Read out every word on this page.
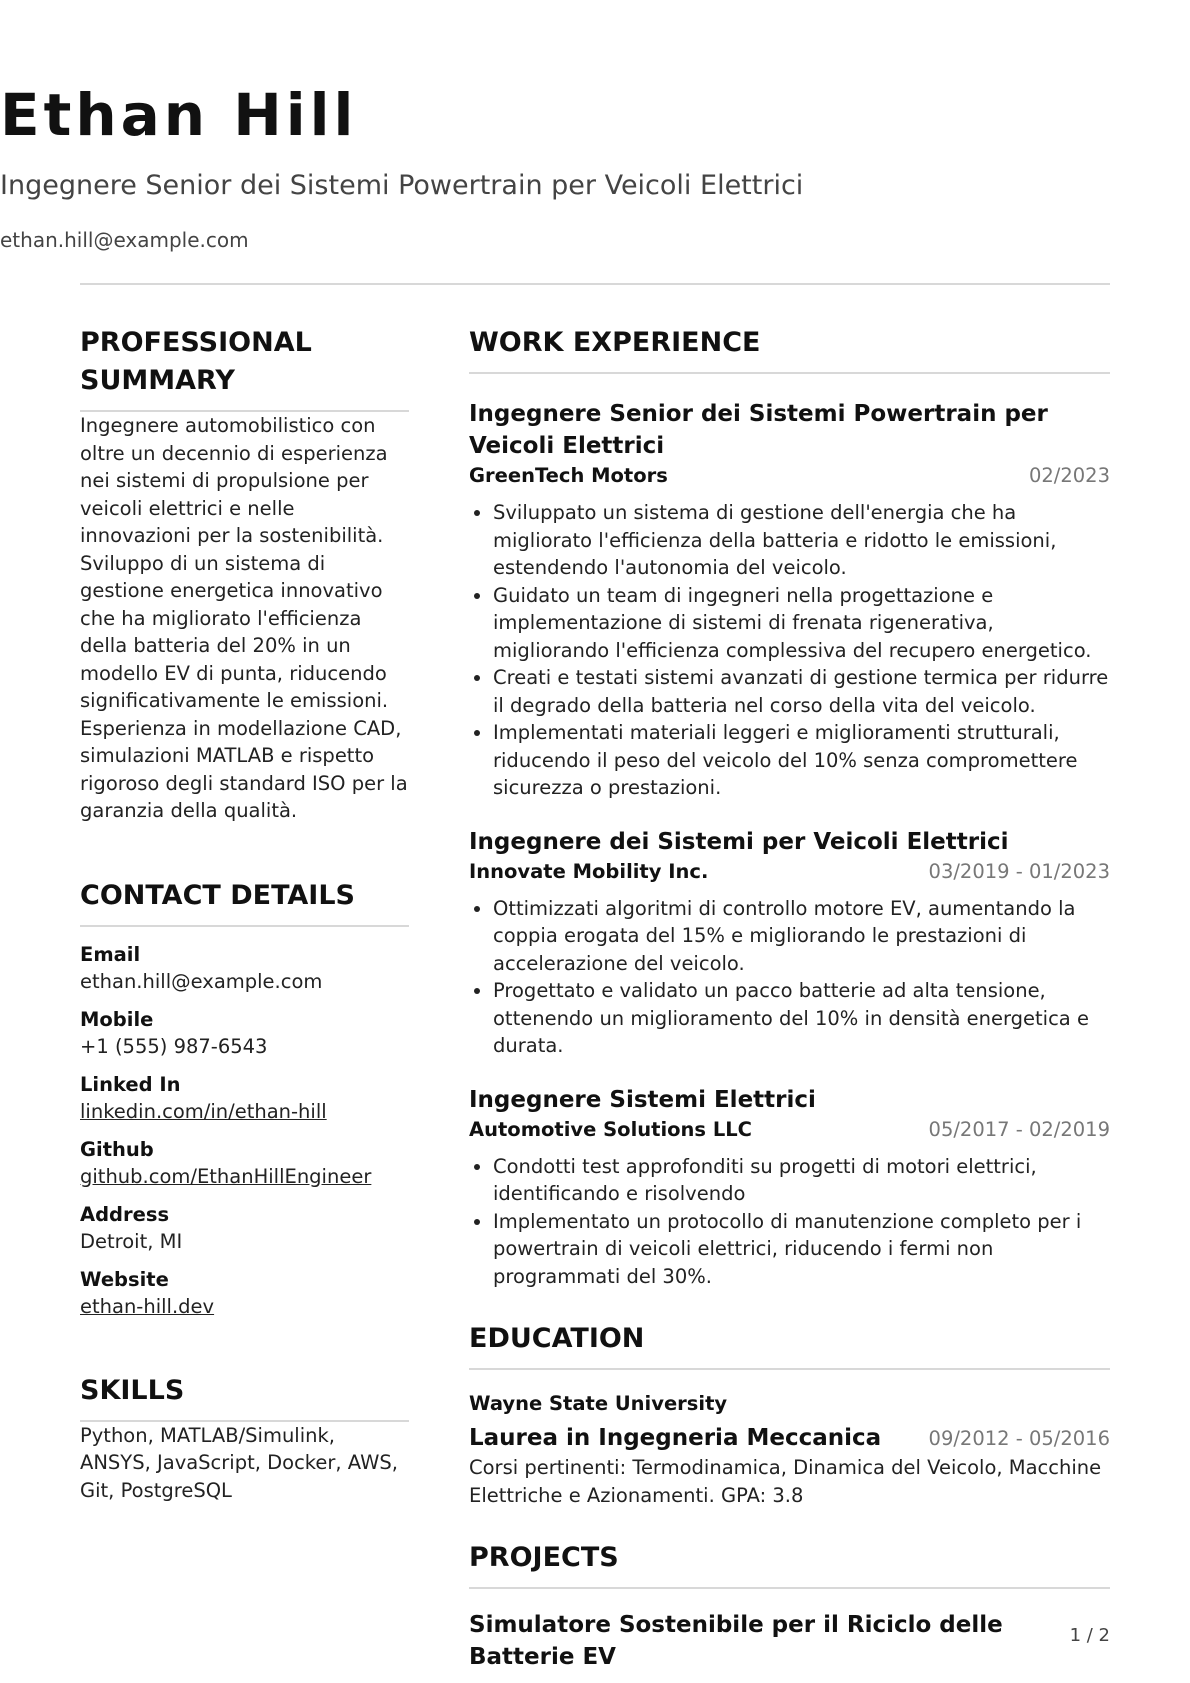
Ethan Hill
Ingegnere Senior dei Sistemi Powertrain per Veicoli Elettrici
ethan.hill@example.com
PROFESSIONAL SUMMARY

Ingegnere automobilistico con oltre un decennio di esperienza nei sistemi di propulsione per veicoli elettrici e nelle innovazioni per la sostenibilità. Sviluppo di un sistema di gestione energetica innovativo che ha migliorato l'efficienza della batteria del 20% in un modello EV di punta, riducendo significativamente le emissioni. Esperienza in modellazione CAD, simulazioni MATLAB e rispetto rigoroso degli standard ISO per la garanzia della qualità.

CONTACT DETAILS
Email
ethan.hill@example.com
Mobile
+1 (555) 987-6543
Linked In
linkedin.com/in/ethan-hill
Github
github.com/EthanHillEngineer
Address
Detroit, MI
Website
ethan-hill.dev
SKILLS

Python, MATLAB/Simulink, ANSYS, JavaScript, Docker, AWS, Git, PostgreSQL

WORK EXPERIENCE
Ingegnere Senior dei Sistemi Powertrain per Veicoli Elettrici
GreenTech Motors	02/2023
• Sviluppato un sistema di gestione dell'energia che ha migliorato l'efficienza della batteria e ridotto le emissioni, estendendo l'autonomia del veicolo.
• Guidato un team di ingegneri nella progettazione e implementazione di sistemi di frenata rigenerativa, migliorando l'efficienza complessiva del recupero energetico.
• Creati e testati sistemi avanzati di gestione termica per ridurre il degrado della batteria nel corso della vita del veicolo.
• Implementati materiali leggeri e miglioramenti strutturali, riducendo il peso del veicolo del 10% senza compromettere sicurezza o prestazioni.
Ingegnere dei Sistemi per Veicoli Elettrici
Innovate Mobility Inc.	03/2019 - 01/2023
• Ottimizzati algoritmi di controllo motore EV, aumentando la coppia erogata del 15% e migliorando le prestazioni di accelerazione del veicolo.
• Progettato e validato un pacco batterie ad alta tensione, ottenendo un miglioramento del 10% in densità energetica e durata.
Ingegnere Sistemi Elettrici
Automotive Solutions LLC	05/2017 - 02/2019
• Condotti test approfonditi su progetti di motori elettrici, identificando e risolvendo
• Implementato un protocollo di manutenzione completo per i powertrain di veicoli elettrici, riducendo i fermi non programmati del 30%.
EDUCATION
Wayne State University
Laurea in Ingegneria Meccanica 09/2012 - 05/2016

Corsi pertinenti: Termodinamica, Dinamica del Veicolo, Macchine Elettriche e Azionamenti. GPA: 3.8

PROJECTS
Simulatore Sostenibile per il Riciclo delle Batterie EV
1 / 2
